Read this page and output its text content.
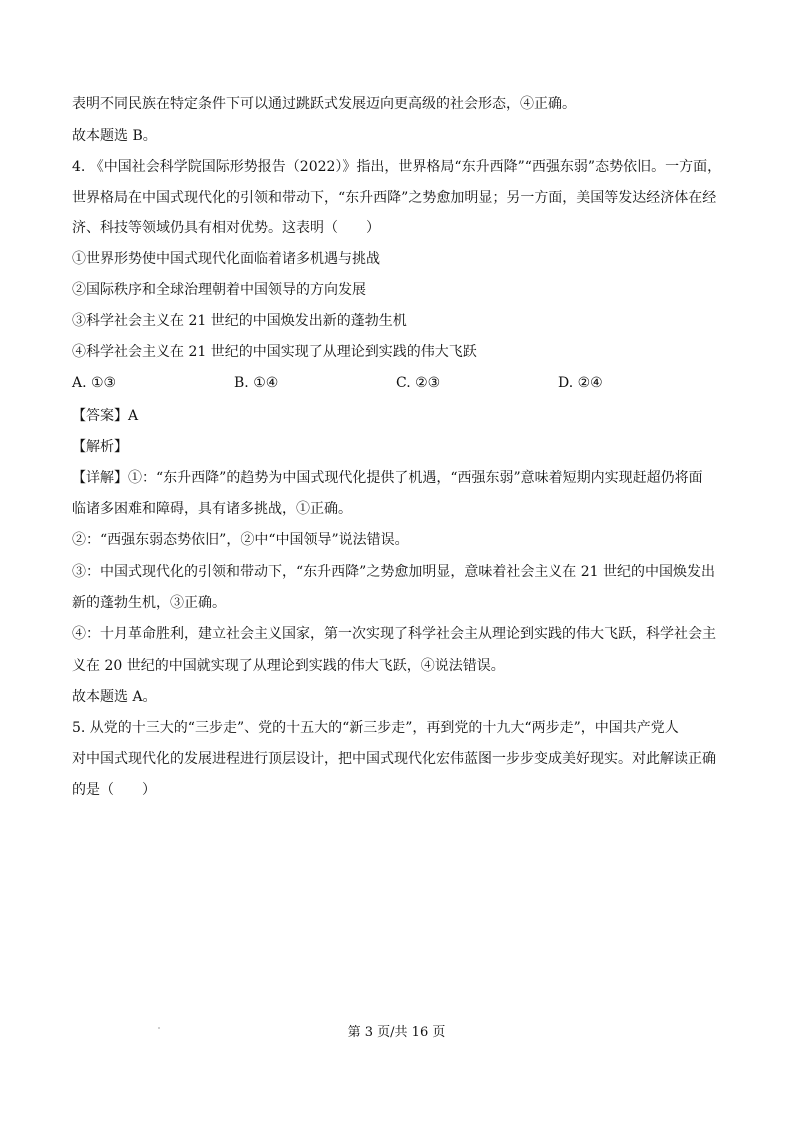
表明不同民族在特定条件下可以通过跳跃式发展迈向更高级的社会形态，④正确。
故本题选 B。
4. 《中国社会科学院国际形势报告（2022）》指出，世界格局“东升西降”“西强东弱”态势依旧。一方面，
世界格局在中国式现代化的引领和带动下，“东升西降”之势愈加明显；另一方面，美国等发达经济体在经
济、科技等领域仍具有相对优势。这表明（　　）
①世界形势使中国式现代化面临着诸多机遇与挑战
②国际秩序和全球治理朝着中国领导的方向发展
③科学社会主义在 21 世纪的中国焕发出新的蓬勃生机
④科学社会主义在 21 世纪的中国实现了从理论到实践的伟大飞跃
A. ①③	B. ①④	C. ②③	D. ②④
【答案】A
【解析】
【详解】①：“东升西降”的趋势为中国式现代化提供了机遇，“西强东弱”意味着短期内实现赶超仍将面
临诸多困难和障碍，具有诸多挑战，①正确。
②：“西强东弱态势依旧”，②中“中国领导”说法错误。
③：中国式现代化的引领和带动下，“东升西降”之势愈加明显，意味着社会主义在 21 世纪的中国焕发出
新的蓬勃生机，③正确。
④：十月革命胜利，建立社会主义国家，第一次实现了科学社会主从理论到实践的伟大飞跃，科学社会主
义在 20 世纪的中国就实现了从理论到实践的伟大飞跃，④说法错误。
故本题选 A。
5. 从党的十三大的“三步走”、党的十五大的“新三步走”，再到党的十九大“两步走”，中国共产党人
对中国式现代化的发展进程进行顶层设计，把中国式现代化宏伟蓝图一步步变成美好现实。对此解读正确
的是（　　）
第 3 页/共 16 页
